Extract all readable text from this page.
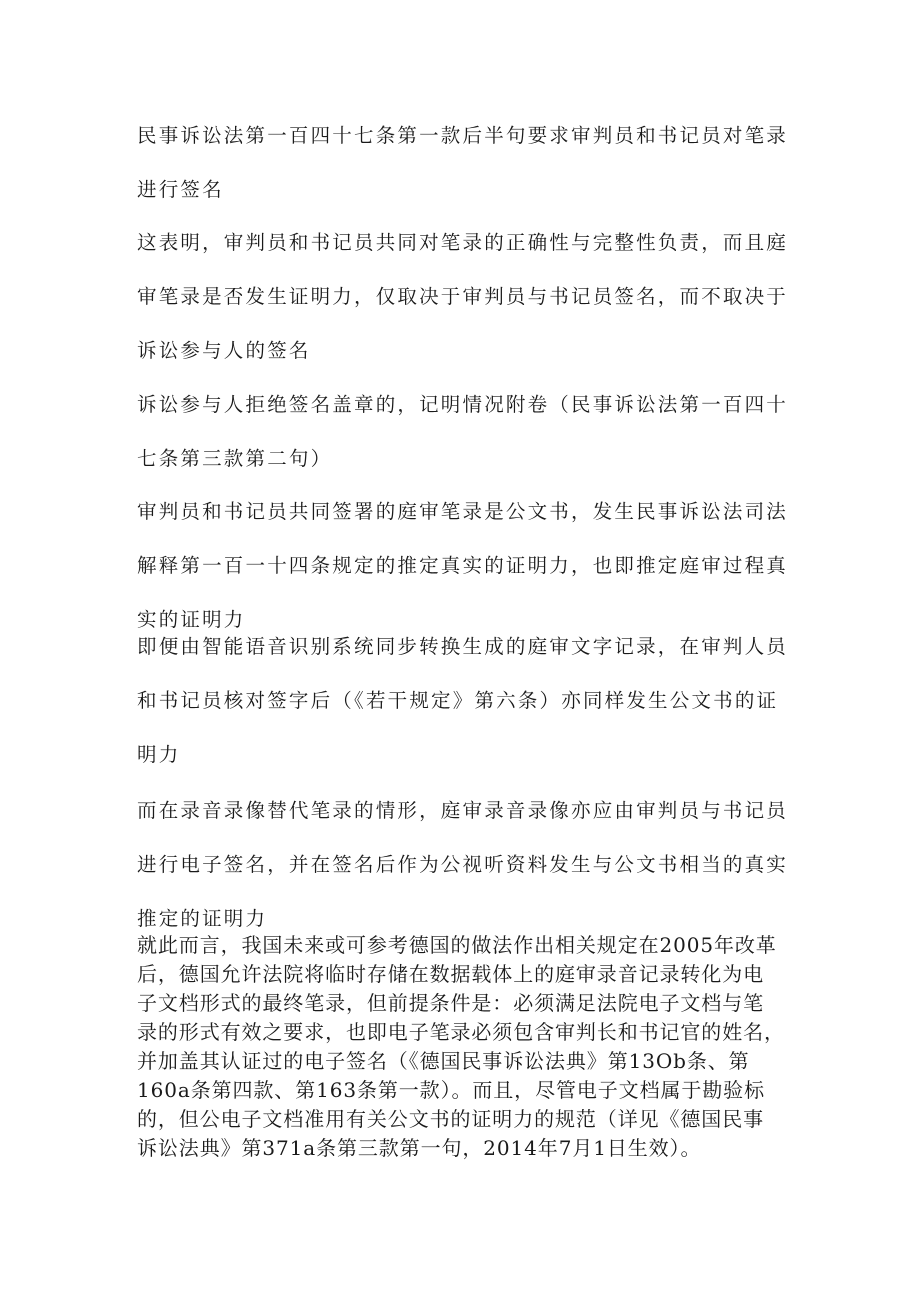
民事诉讼法第一百四十七条第一款后半句要求审判员和书记员对笔录
进行签名

这表明，审判员和书记员共同对笔录的正确性与完整性负责，而且庭
审笔录是否发生证明力，仅取决于审判员与书记员签名，而不取决于
诉讼参与人的签名

诉讼参与人拒绝签名盖章的，记明情况附卷（民事诉讼法第一百四十
七条第三款第二句）

审判员和书记员共同签署的庭审笔录是公文书，发生民事诉讼法司法
解释第一百一十四条规定的推定真实的证明力，也即推定庭审过程真
实的证明力

即便由智能语音识别系统同步转换生成的庭审文字记录，在审判人员
和书记员核对签字后（《若干规定》第六条）亦同样发生公文书的证
明力

而在录音录像替代笔录的情形，庭审录音录像亦应由审判员与书记员
进行电子签名，并在签名后作为公视听资料发生与公文书相当的真实
推定的证明力

就此而言，我国未来或可参考德国的做法作出相关规定在2005年改革
后，德国允许法院将临时存储在数据载体上的庭审录音记录转化为电
子文档形式的最终笔录，但前提条件是：必须满足法院电子文档与笔
录的形式有效之要求，也即电子笔录必须包含审判长和书记官的姓名，
并加盖其认证过的电子签名（《德国民事诉讼法典》第13Ob条、第
160a条第四款、第163条第一款）。而且，尽管电子文档属于勘验标
的，但公电子文档准用有关公文书的证明力的规范（详见《德国民事
诉讼法典》第371a条第三款第一句，2014年7月1日生效）。
